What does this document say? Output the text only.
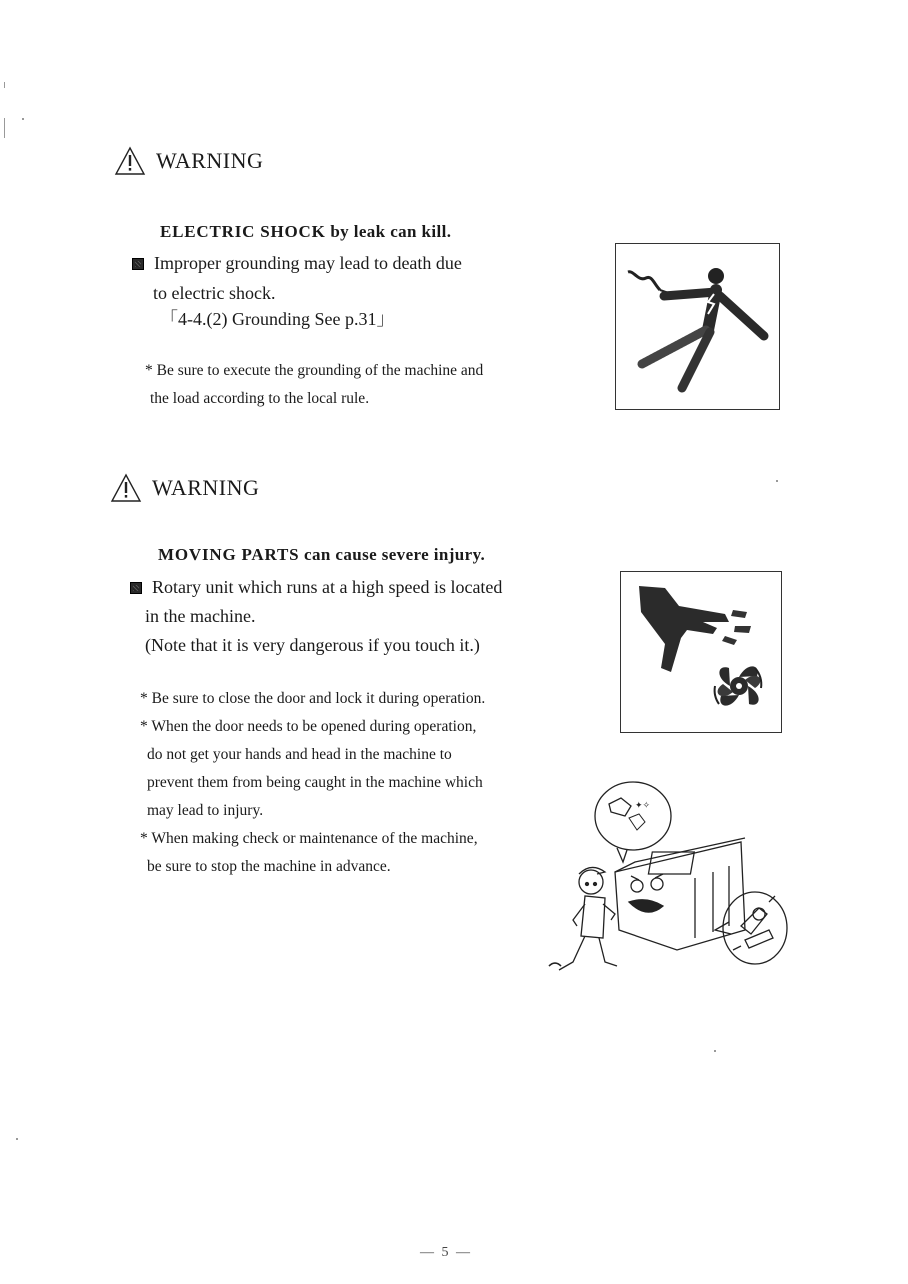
WARNING
ELECTRIC SHOCK by leak can kill.
Improper grounding may lead to death due
to electric shock.
「4-4.(2) Grounding See p.31」
* Be sure to execute the grounding of the machine and
the load according to the local rule.
WARNING
MOVING PARTS can cause severe injury.
Rotary unit which runs at a high speed is located
in the machine.
(Note that it is very dangerous if you touch it.)
* Be sure to close the door and lock it during operation.
* When the door needs to be opened during operation,
do not get your hands and head in the machine to
prevent them from being caught in the machine which
may lead to injury.
* When making check or maintenance of the machine,
be sure to stop the machine in advance.
✦✧
— 5 —
